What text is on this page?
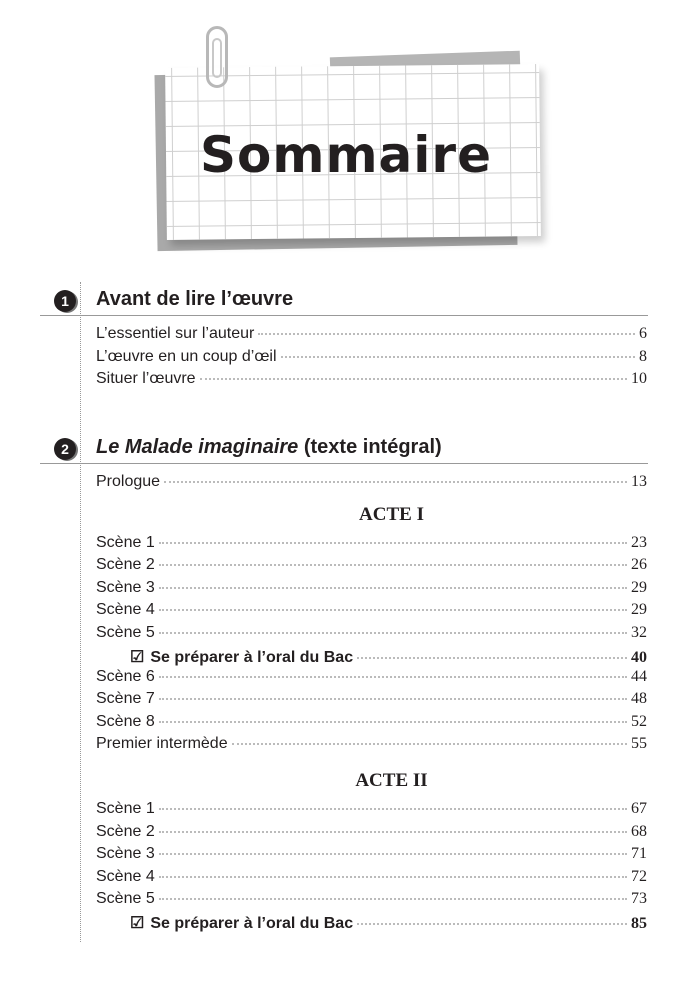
Sommaire
1	Avant de lire l’œuvre
L’essentiel sur l’auteur	6
L’œuvre en un coup d’œil	8
Situer l’œuvre	10
2	Le Malade imaginaire (texte intégral)
Prologue	13
ACTE I
Scène 1	23
Scène 2	26
Scène 3	29
Scène 4	29
Scène 5	32
☑ Se préparer à l’oral du Bac	40
Scène 6	44
Scène 7	48
Scène 8	52
Premier intermède	55
ACTE II
Scène 1	67
Scène 2	68
Scène 3	71
Scène 4	72
Scène 5	73
☑ Se préparer à l’oral du Bac	85
